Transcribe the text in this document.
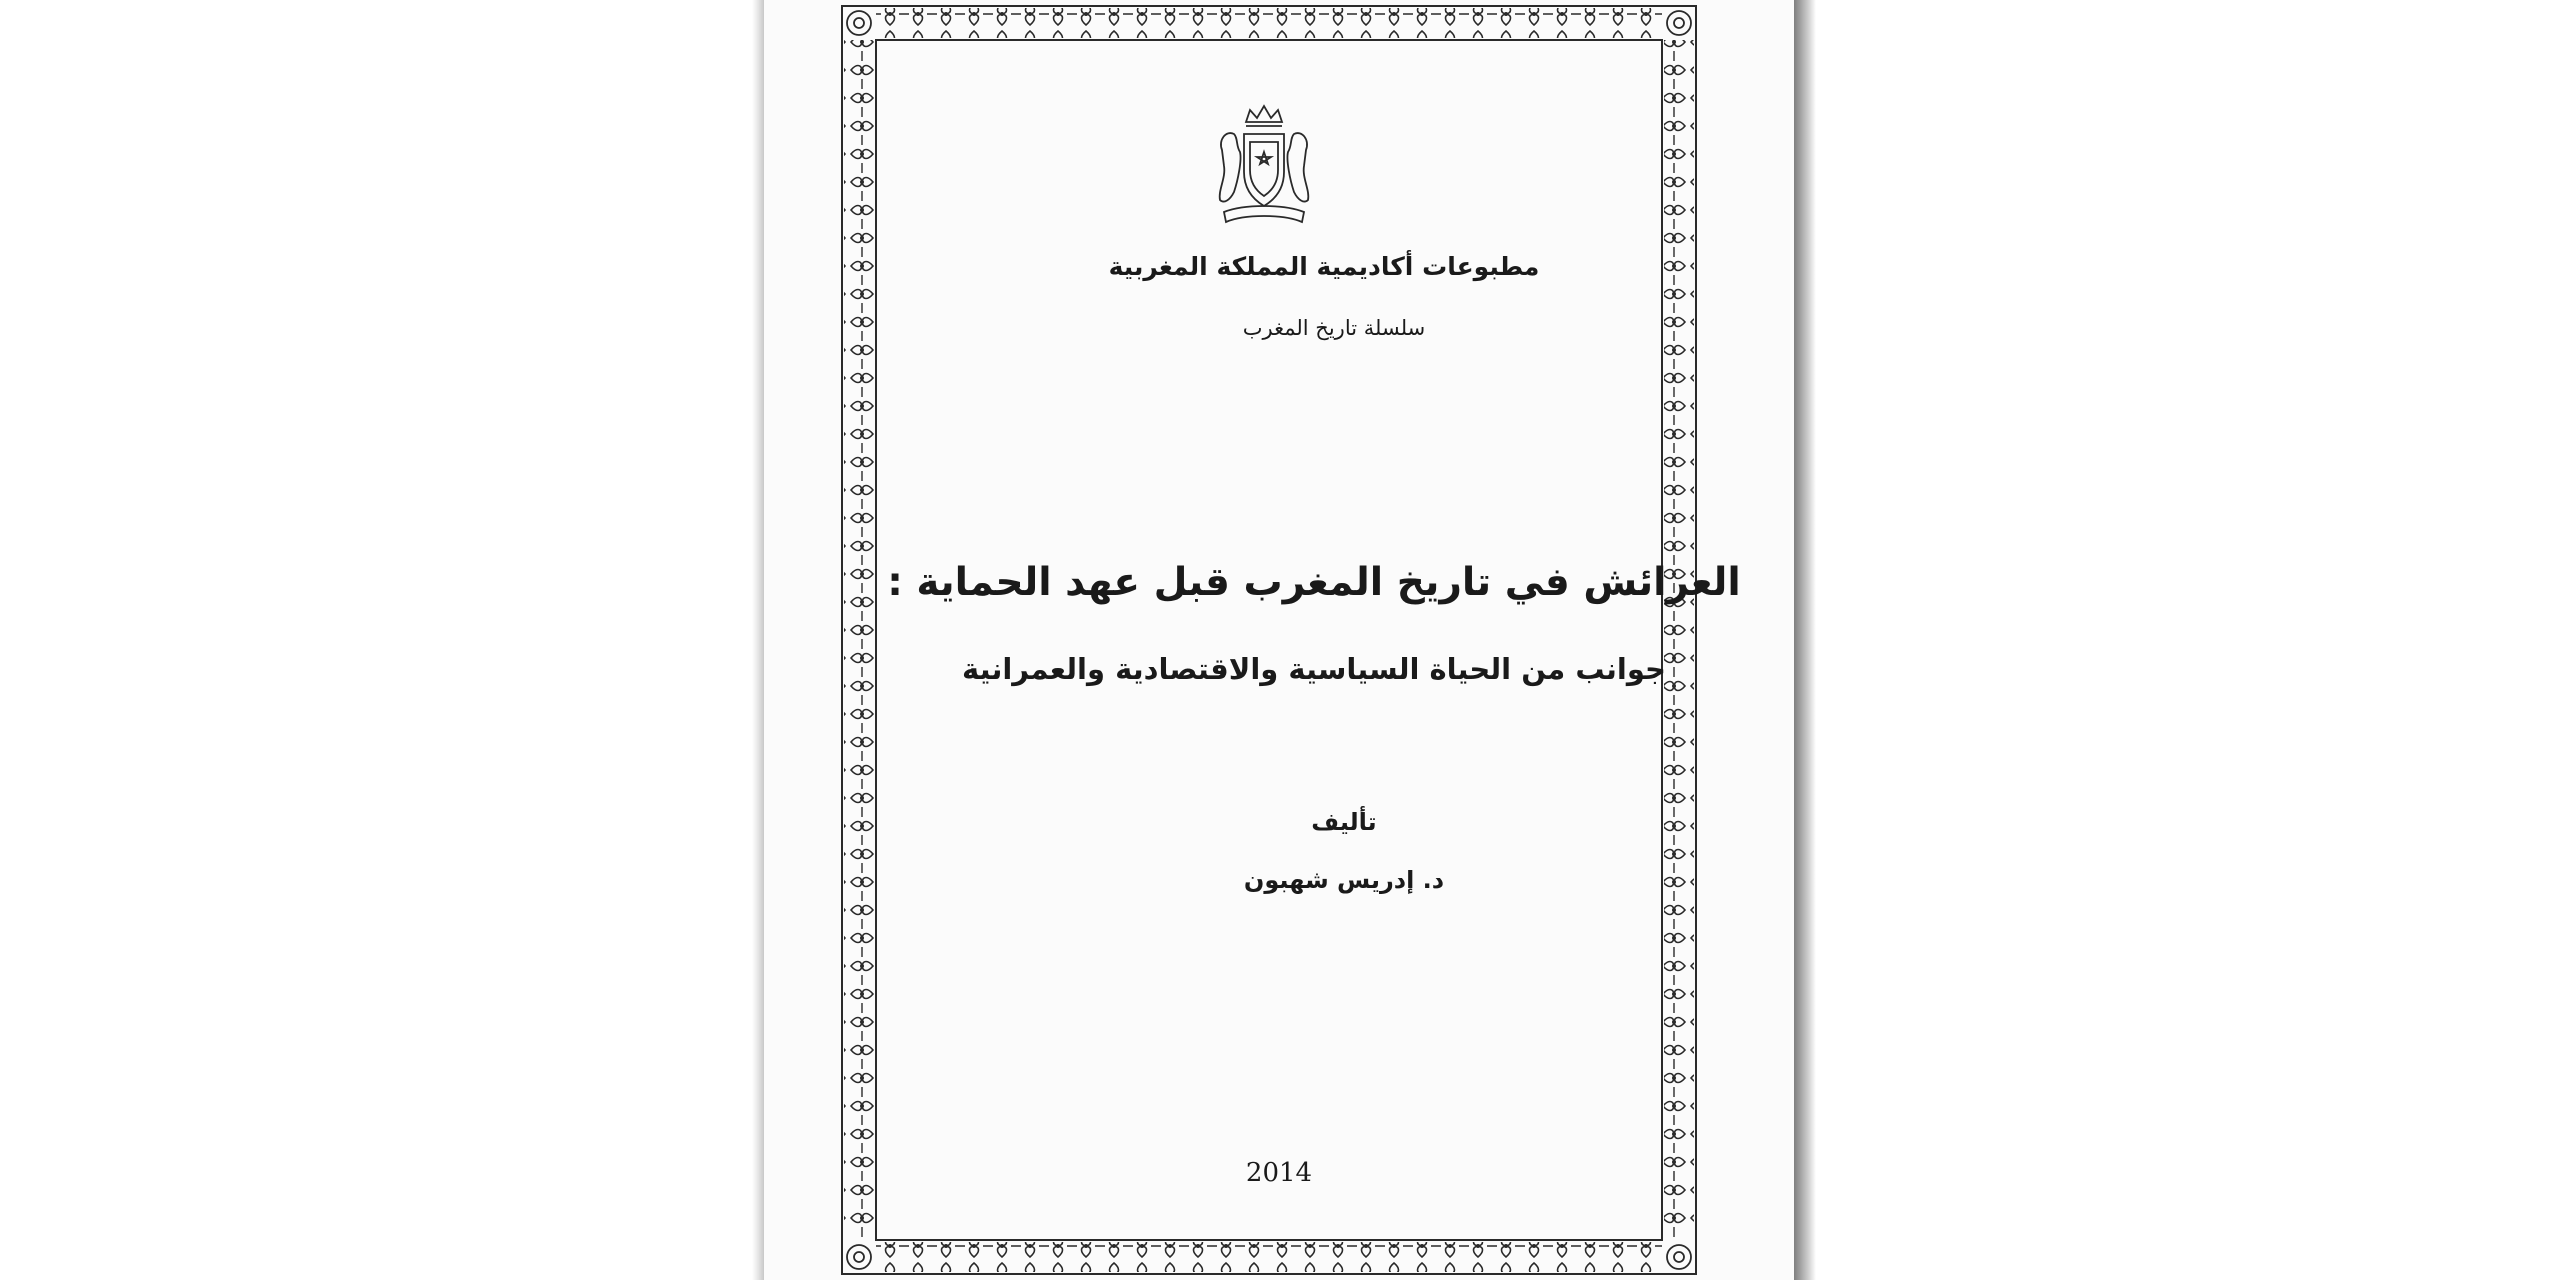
مطبوعات أكاديمية المملكة المغربية
سلسلة تاريخ المغرب
العرائش في تاريخ المغرب قبل عهد الحماية :
جوانب من الحياة السياسية والاقتصادية والعمرانية
تأليف
د. إدريس شهبون
2014
